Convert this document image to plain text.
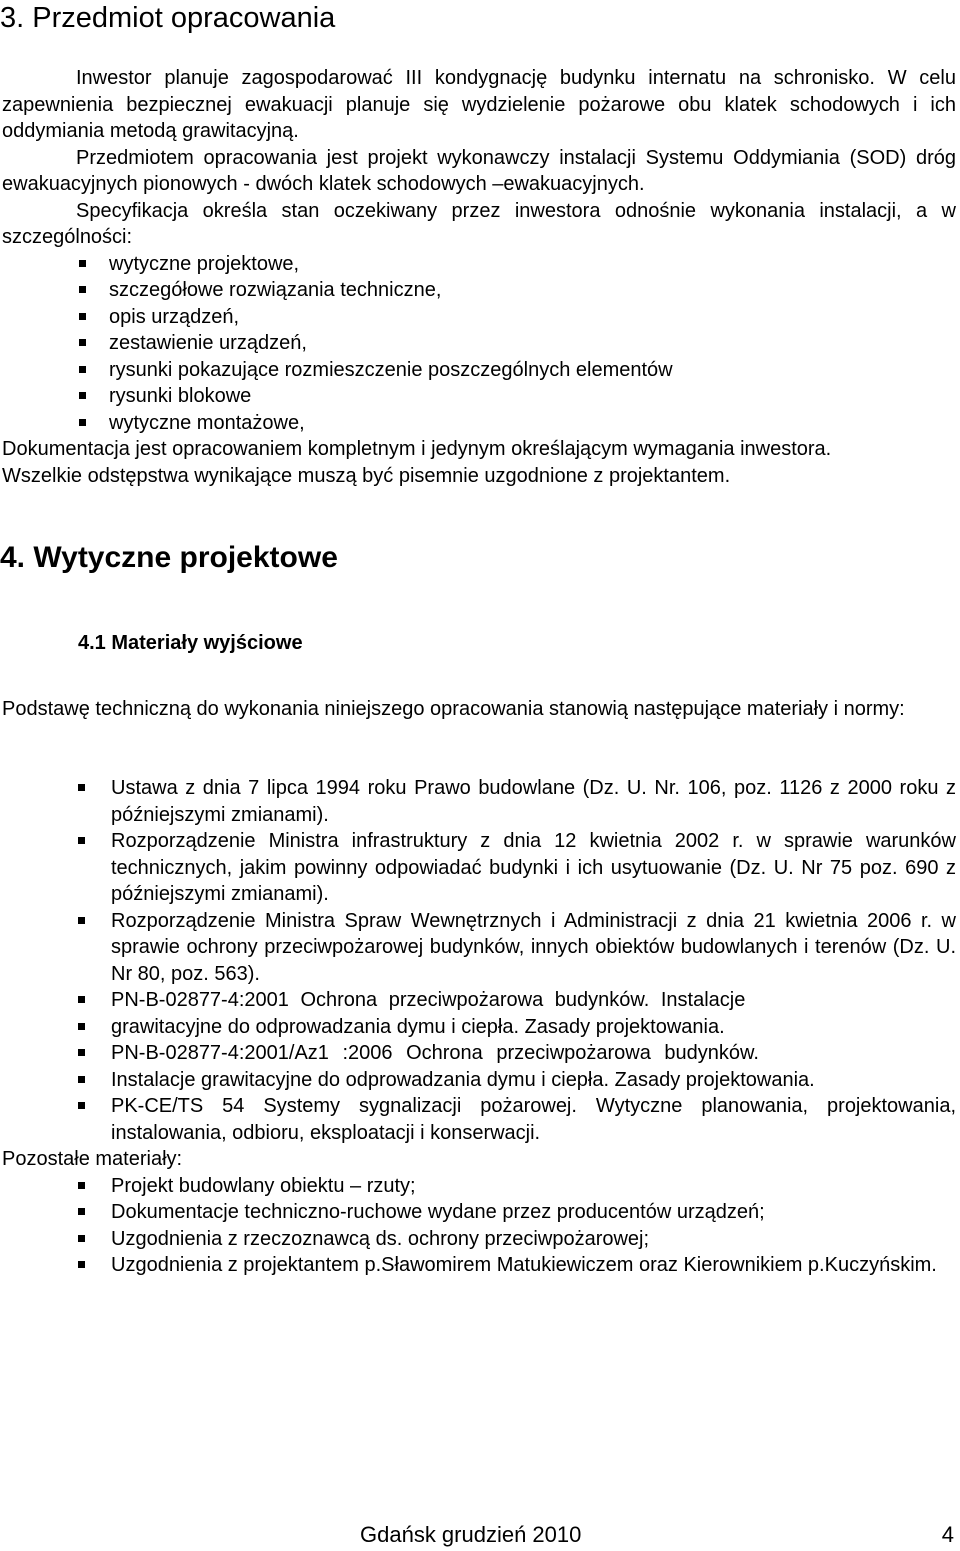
3. Przedmiot opracowania

Inwestor planuje zagospodarować III kondygnację budynku internatu na schronisko. W celu zapewnienia bezpiecznej ewakuacji planuje się wydzielenie pożarowe obu klatek schodowych i ich oddymiania metodą grawitacyjną.

Przedmiotem opracowania jest projekt wykonawczy instalacji Systemu Oddymiania (SOD) dróg ewakuacyjnych pionowych - dwóch klatek schodowych –ewakuacyjnych.

Specyfikacja określa stan oczekiwany przez inwestora odnośnie wykonania instalacji, a w szczególności:

wytyczne projektowe,
szczegółowe rozwiązania techniczne,
opis urządzeń,
zestawienie urządzeń,
rysunki pokazujące rozmieszczenie poszczególnych elementów
rysunki blokowe
wytyczne montażowe,

Dokumentacja jest opracowaniem kompletnym i jedynym określającym wymagania inwestora.

Wszelkie odstępstwa wynikające muszą być pisemnie uzgodnione z projektantem.

4. Wytyczne projektowe
4.1 Materiały wyjściowe

Podstawę techniczną do wykonania niniejszego opracowania stanowią następujące materiały i normy:

Ustawa z dnia 7 lipca 1994 roku Prawo budowlane (Dz. U. Nr. 106, poz. 1126 z 2000 roku z późniejszymi zmianami).
Rozporządzenie Ministra infrastruktury z dnia 12 kwietnia 2002 r. w sprawie warunków technicznych, jakim powinny odpowiadać budynki i ich usytuowanie (Dz. U. Nr 75 poz. 690 z późniejszymi zmianami).
Rozporządzenie Ministra Spraw Wewnętrznych i Administracji z dnia 21 kwietnia 2006 r. w sprawie ochrony przeciwpożarowej budynków, innych obiektów budowlanych i terenów (Dz. U. Nr 80, poz. 563).
PN-B-02877-4:2001 Ochrona przeciwpożarowa budynków. Instalacje
grawitacyjne do odprowadzania dymu i ciepła. Zasady projektowania.
PN-B-02877-4:2001/Az1 :2006 Ochrona przeciwpożarowa budynków.
Instalacje grawitacyjne do odprowadzania dymu i ciepła. Zasady projektowania.
PK-CE/TS 54 Systemy sygnalizacji pożarowej. Wytyczne planowania, projektowania, instalowania, odbioru, eksploatacji i konserwacji.

Pozostałe materiały:

Projekt budowlany obiektu – rzuty;
Dokumentacje techniczno-ruchowe wydane przez producentów urządzeń;
Uzgodnienia z rzeczoznawcą ds. ochrony przeciwpożarowej;
Uzgodnienia z projektantem p.Sławomirem Matukiewiczem oraz Kierownikiem p.Kuczyńskim.
Gdańsk grudzień 2010	4
